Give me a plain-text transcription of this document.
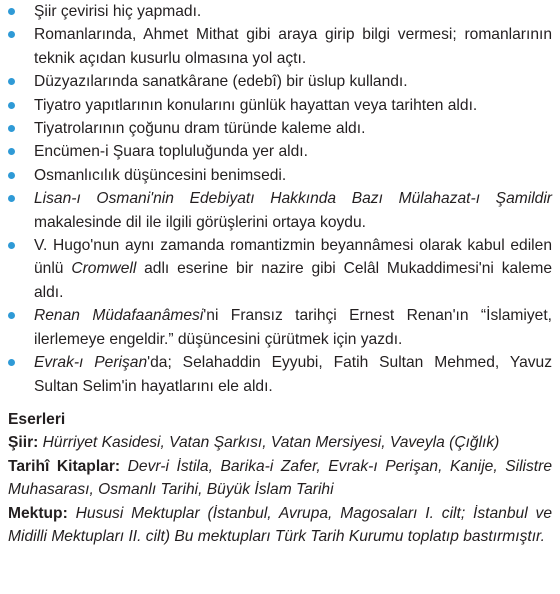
Şiir çevirisi hiç yapmadı.
Romanlarında, Ahmet Mithat gibi araya girip bilgi vermesi; romanlarının teknik açıdan kusurlu olmasına yol açtı.
Düzyazılarında sanatkârane (edebî) bir üslup kullandı.
Tiyatro yapıtlarının konularını günlük hayattan veya tarihten aldı.
Tiyatrolarının çoğunu dram türünde kaleme aldı.
Encümen-i Şuara topluluğunda yer aldı.
Osmanlıcılık düşüncesini benimsedi.
Lisan-ı Osmani'nin Edebiyatı Hakkında Bazı Mülahazat-ı Şamildir makalesinde dil ile ilgili görüşlerini ortaya koydu.
V. Hugo'nun aynı zamanda romantizmin beyannâmesi olarak kabul edilen ünlü Cromwell adlı eserine bir nazire gibi Celâl Mukaddimesi'ni kaleme aldı.
Renan Müdafaanâmesi'ni Fransız tarihçi Ernest Renan'ın “İslamiyet, ilerlemeye engeldir.” düşüncesini çürütmek için yazdı.
Evrak-ı Perişan'da; Selahaddin Eyyubi, Fatih Sultan Mehmed, Yavuz Sultan Selim'in hayatlarını ele aldı.
Eserleri

Şiir: Hürriyet Kasidesi, Vatan Şarkısı, Vatan Mersiyesi, Vaveyla (Çığlık)

Tarihî Kitaplar: Devr-i İstila, Barika-i Zafer, Evrak-ı Perişan, Kanije, Silistre Muhasarası, Osmanlı Tarihi, Büyük İslam Tarihi

Mektup: Hususi Mektuplar (İstanbul, Avrupa, Magosaları I. cilt; İstanbul ve Midilli Mektupları II. cilt) Bu mektupları Türk Tarih Kurumu toplatıp bastırmıştır.
